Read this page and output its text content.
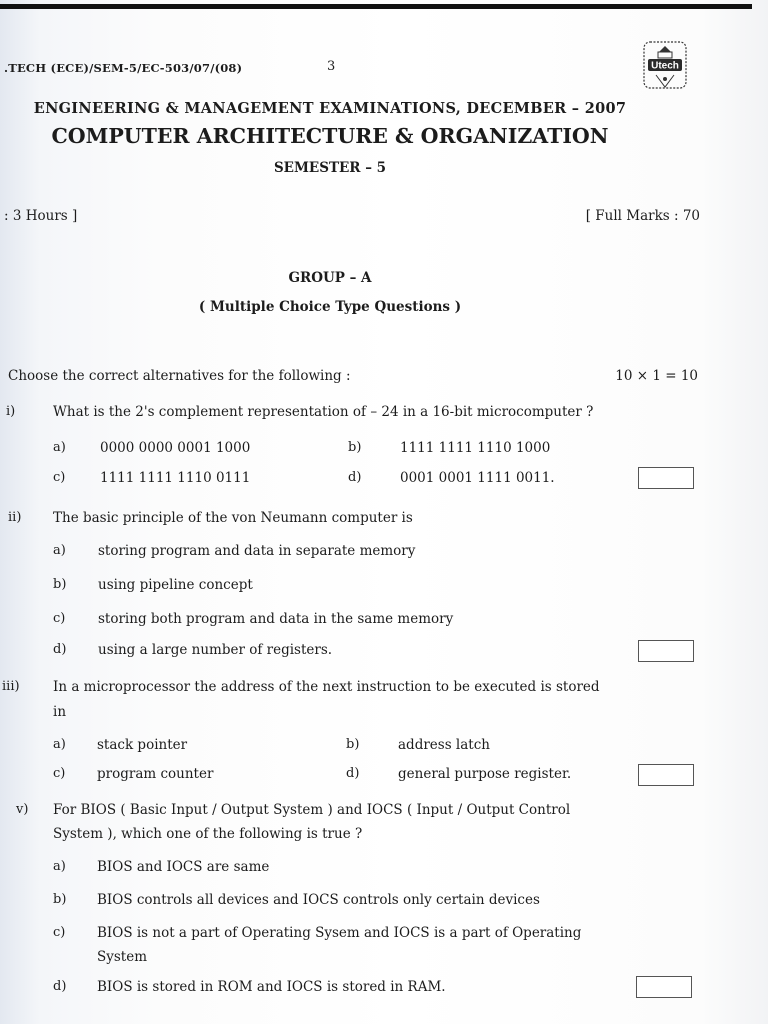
.TECH (ECE)/SEM-5/EC-503/07/(08)	3	Utech
ENGINEERING & MANAGEMENT EXAMINATIONS, DECEMBER – 2007
COMPUTER ARCHITECTURE & ORGANIZATION
SEMESTER – 5
: 3 Hours ]	[ Full Marks : 70
GROUP – A
( Multiple Choice Type Questions )
Choose the correct alternatives for the following :	10 × 1 = 10
i)	What is the 2's complement representation of – 24 in a 16-bit microcomputer ?
a)	0000 0000 0001 1000	b)	1111 1111 1110 1000
c)	1111 1111 1110 0111	d)	0001 0001 1111 0011.
ii) The basic principle of the von Neumann computer is
a) storing program and data in separate memory
b) using pipeline concept
c) storing both program and data in the same memory
d) using a large number of registers.
iii) In a microprocessor the address of the next instruction to be executed is stored
in
a) stack pointer	b)	address latch
c) program counter	d)	general purpose register.
v) For BIOS ( Basic Input / Output System ) and IOCS ( Input / Output Control
System ), which one of the following is true ?
a) BIOS and IOCS are same
b) BIOS controls all devices and IOCS controls only certain devices
c) BIOS is not a part of Operating Sysem and IOCS is a part of Operating
System
d) BIOS is stored in ROM and IOCS is stored in RAM.
